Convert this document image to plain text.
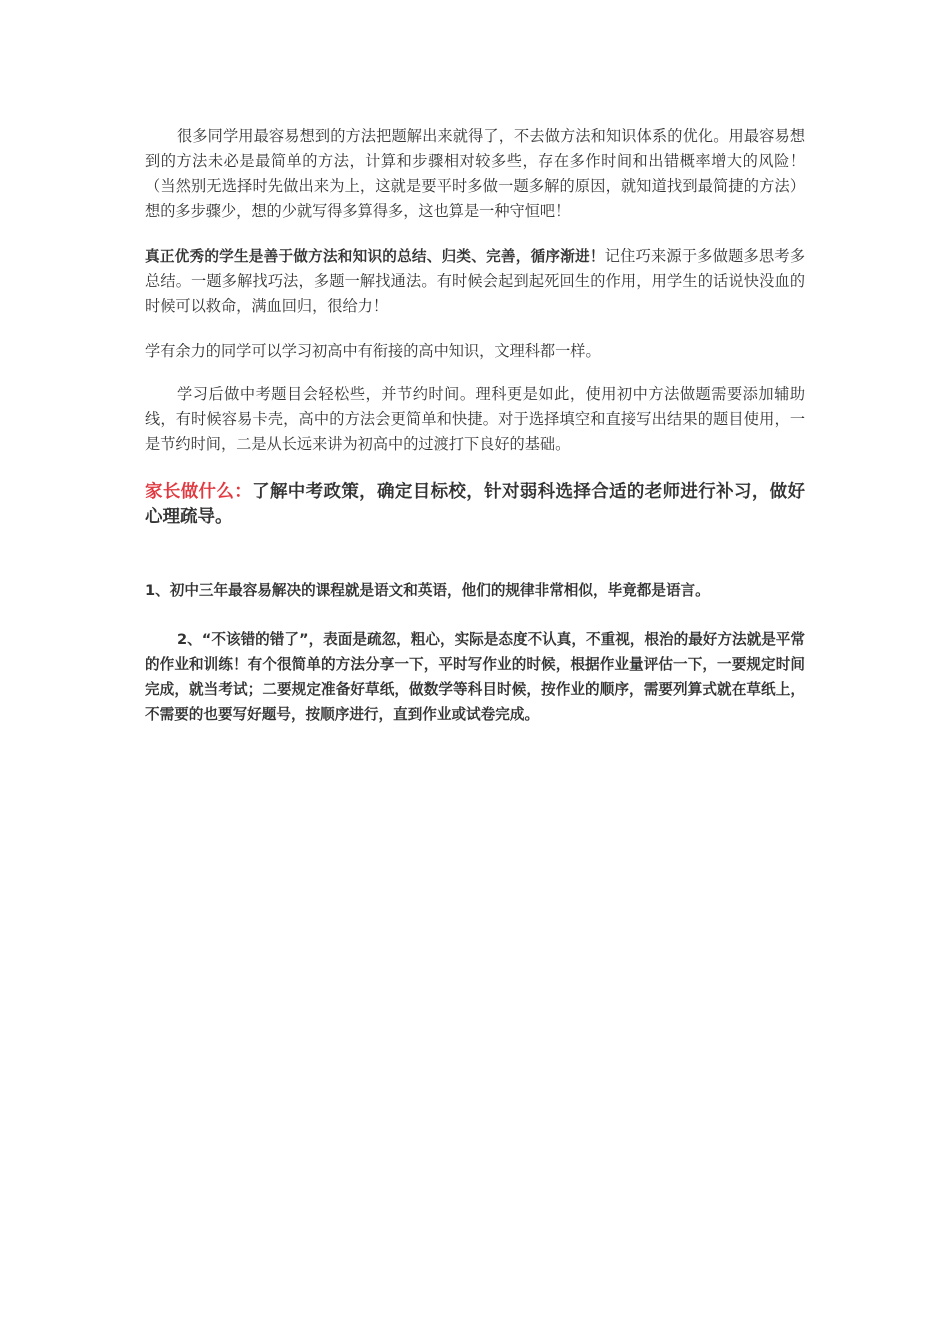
很多同学用最容易想到的方法把题解出来就得了，不去做方法和知识体系的优化。用最容易想到的方法未必是最简单的方法，计算和步骤相对较多些，存在多作时间和出错概率增大的风险！（当然别无选择时先做出来为上，这就是要平时多做一题多解的原因，就知道找到最简捷的方法）想的多步骤少，想的少就写得多算得多，这也算是一种守恒吧！

真正优秀的学生是善于做方法和知识的总结、归类、完善，循序渐进！记住巧来源于多做题多思考多总结。一题多解找巧法，多题一解找通法。有时候会起到起死回生的作用，用学生的话说快没血的时候可以救命，满血回归，很给力！

学有余力的同学可以学习初高中有衔接的高中知识，文理科都一样。

学习后做中考题目会轻松些，并节约时间。理科更是如此，使用初中方法做题需要添加辅助线，有时候容易卡壳，高中的方法会更简单和快捷。对于选择填空和直接写出结果的题目使用，一是节约时间，二是从长远来讲为初高中的过渡打下良好的基础。

家长做什么：了解中考政策，确定目标校，针对弱科选择合适的老师进行补习，做好心理疏导。

1、初中三年最容易解决的课程就是语文和英语，他们的规律非常相似，毕竟都是语言。

2、“不该错的错了”，表面是疏忽，粗心，实际是态度不认真，不重视，根治的最好方法就是平常的作业和训练！有个很简单的方法分享一下，平时写作业的时候，根据作业量评估一下，一要规定时间完成，就当考试；二要规定准备好草纸，做数学等科目时候，按作业的顺序，需要列算式就在草纸上，不需要的也要写好题号，按顺序进行，直到作业或试卷完成。
